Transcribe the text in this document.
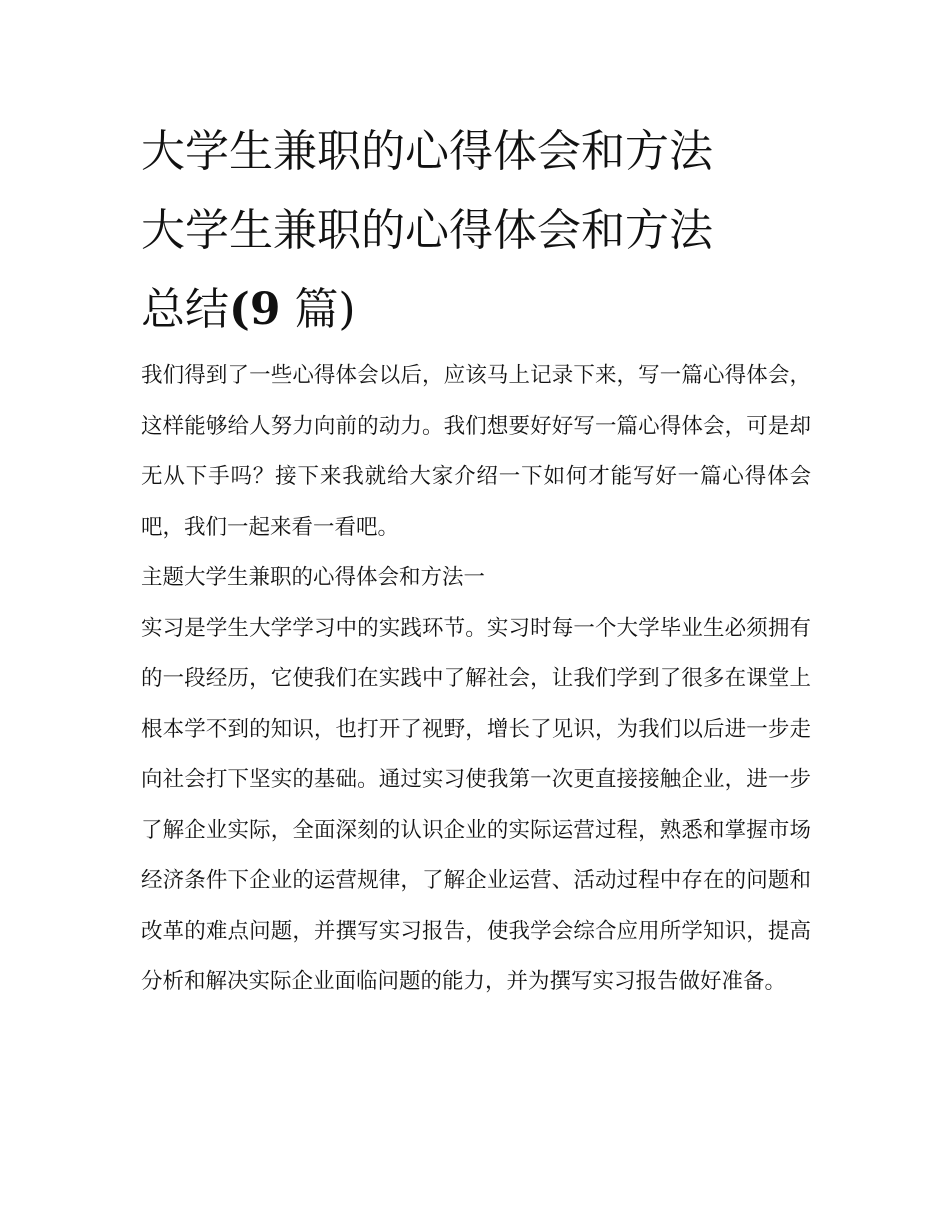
大学生兼职的心得体会和方法
大学生兼职的心得体会和方法
总结(9 篇)

我们得到了一些心得体会以后，应该马上记录下来，写一篇心得体会，这样能够给人努力向前的动力。我们想要好好写一篇心得体会，可是却无从下手吗？接下来我就给大家介绍一下如何才能写好一篇心得体会吧，我们一起来看一看吧。

主题大学生兼职的心得体会和方法一

实习是学生大学学习中的实践环节。实习时每一个大学毕业生必须拥有的一段经历，它使我们在实践中了解社会，让我们学到了很多在课堂上根本学不到的知识，也打开了视野，增长了见识，为我们以后进一步走向社会打下坚实的基础。通过实习使我第一次更直接接触企业，进一步了解企业实际，全面深刻的认识企业的实际运营过程，熟悉和掌握市场经济条件下企业的运营规律，了解企业运营、活动过程中存在的问题和改革的难点问题，并撰写实习报告，使我学会综合应用所学知识，提高分析和解决实际企业面临问题的能力，并为撰写实习报告做好准备。
